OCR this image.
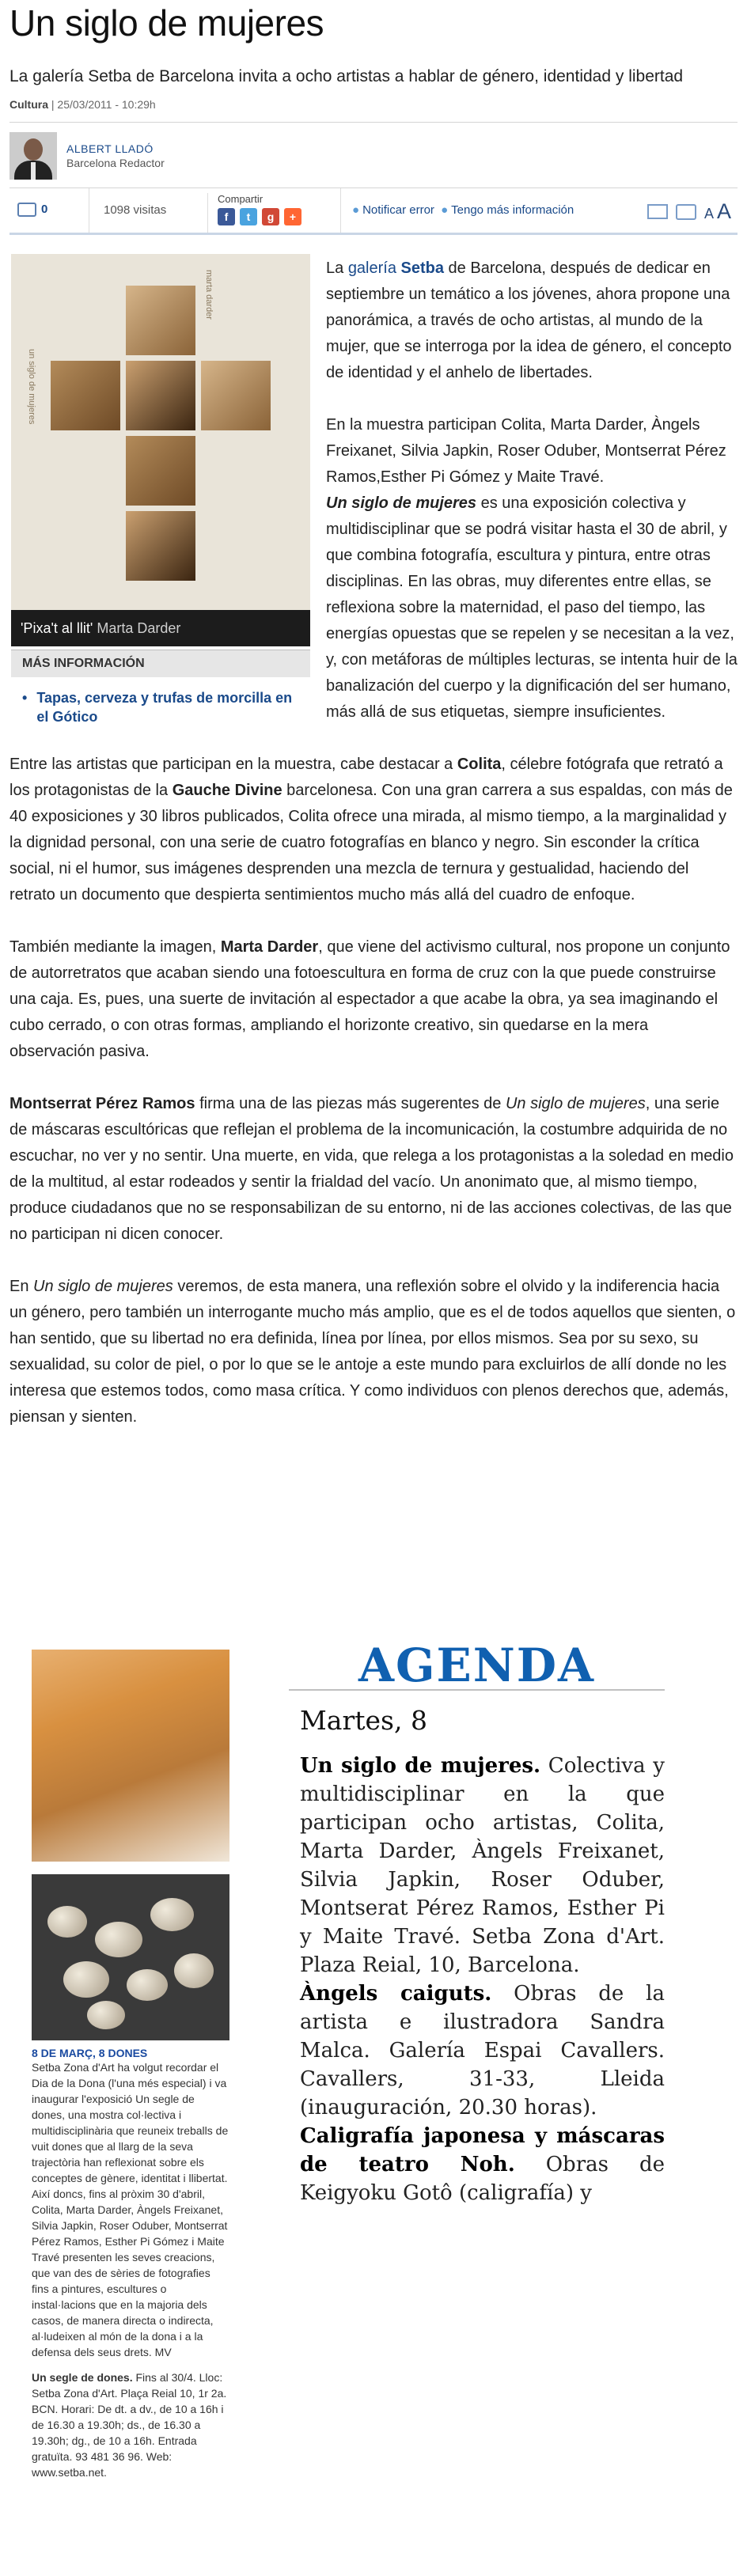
Un siglo de mujeres
La galería Setba de Barcelona invita a ocho artistas a hablar de género, identidad y libertad
Cultura | 25/03/2011 - 10:29h
ALBERT LLADÓ
Barcelona Redactor
0	1098 visitas
Compartir
f	t	g	+	● Notificar error ● Tengo más información	A A
un siglo de mujeres
marta darder
'Pixa't al llit' Marta Darder
MÁS INFORMACIÓN
• Tapas, cerveza y trufas de morcilla en el Gótico

La galería Setba de Barcelona, después de dedicar en septiembre un temático a los jóvenes, ahora propone una panorámica, a través de ocho artistas, al mundo de la mujer, que se interroga por la idea de género, el concepto de identidad y el anhelo de libertades.

En la muestra participan Colita, Marta Darder, Àngels Freixanet, Silvia Japkin, Roser Oduber, Montserrat Pérez Ramos,Esther Pi Gómez y Maite Travé.

Un siglo de mujeres es una exposición colectiva y multidisciplinar que se podrá visitar hasta el 30 de abril, y que combina fotografía, escultura y pintura, entre otras disciplinas. En las obras, muy diferentes entre ellas, se reflexiona sobre la maternidad, el paso del tiempo, las energías opuestas que se repelen y se necesitan a la vez, y, con metáforas de múltiples lecturas, se intenta huir de la banalización del cuerpo y la dignificación del ser humano, más allá de sus etiquetas, siempre insuficientes.

Entre las artistas que participan en la muestra, cabe destacar a Colita, célebre fotógrafa que retrató a los protagonistas de la Gauche Divine barcelonesa. Con una gran carrera a sus espaldas, con más de 40 exposiciones y 30 libros publicados, Colita ofrece una mirada, al mismo tiempo, a la marginalidad y la dignidad personal, con una serie de cuatro fotografías en blanco y negro. Sin esconder la crítica social, ni el humor, sus imágenes desprenden una mezcla de ternura y gestualidad, haciendo del retrato un documento que despierta sentimientos mucho más allá del cuadro de enfoque.

También mediante la imagen, Marta Darder, que viene del activismo cultural, nos propone un conjunto de autorretratos que acaban siendo una fotoescultura en forma de cruz con la que puede construirse una caja. Es, pues, una suerte de invitación al espectador a que acabe la obra, ya sea imaginando el cubo cerrado, o con otras formas, ampliando el horizonte creativo, sin quedarse en la mera observación pasiva.

Montserrat Pérez Ramos firma una de las piezas más sugerentes de Un siglo de mujeres, una serie de máscaras escultóricas que reflejan el problema de la incomunicación, la costumbre adquirida de no escuchar, no ver y no sentir. Una muerte, en vida, que relega a los protagonistas a la soledad en medio de la multitud, al estar rodeados y sentir la frialdad del vacío. Un anonimato que, al mismo tiempo, produce ciudadanos que no se responsabilizan de su entorno, ni de las acciones colectivas, de las que no participan ni dicen conocer.

En Un siglo de mujeres veremos, de esta manera, una reflexión sobre el olvido y la indiferencia hacia un género, pero también un interrogante mucho más amplio, que es el de todos aquellos que sienten, o han sentido, que su libertad no era definida, línea por línea, por ellos mismos. Sea por su sexo, su sexualidad, su color de piel, o por lo que se le antoje a este mundo para excluirlos de allí donde no les interesa que estemos todos, como masa crítica. Y como individuos con plenos derechos que, además, piensan y sienten.

8 DE MARÇ, 8 DONES
Setba Zona d'Art ha volgut recordar el Dia de la Dona (l'una més especial) i va inaugurar l'exposició Un segle de dones, una mostra col·lectiva i multidisciplinària que reuneix treballs de vuit dones que al llarg de la seva trajectòria han reflexionat sobre els conceptes de gènere, identitat i llibertat. Així doncs, fins al pròxim 30 d'abril, Colita, Marta Darder, Àngels Freixanet, Silvia Japkin, Roser Oduber, Montserrat Pérez Ramos, Esther Pi Gómez i Maite Travé presenten les seves creacions, que van des de sèries de fotografies fins a pintures, escultures o instal·lacions que en la majoria dels casos, de manera directa o indirecta, al·ludeixen al món de la dona i a la defensa dels seus drets. MV
Un segle de dones. Fins al 30/4. Lloc: Setba Zona d'Art. Plaça Reial 10, 1r 2a. BCN. Horari: De dt. a dv., de 10 a 16h i de 16.30 a 19.30h; ds., de 16.30 a 19.30h; dg., de 10 a 16h. Entrada gratuïta. 93 481 36 96. Web: www.setba.net.
AGENDA
Martes, 8
Un siglo de mujeres. Colectiva y multidisciplinar en la que participan ocho artistas, Colita, Marta Darder, Àngels Freixanet, Silvia Japkin, Roser Oduber, Montserat Pérez Ramos, Esther Pi y Maite Travé. Setba Zona d'Art. Plaza Reial, 10, Barcelona.
Àngels caiguts. Obras de la artista e ilustradora Sandra Malca. Galería Espai Cavallers. Cavallers, 31-33, Lleida (inauguración, 20.30 horas).
Caligrafía japonesa y máscaras de teatro Noh. Obras de Keigyoku Gotô (caligrafía) y
